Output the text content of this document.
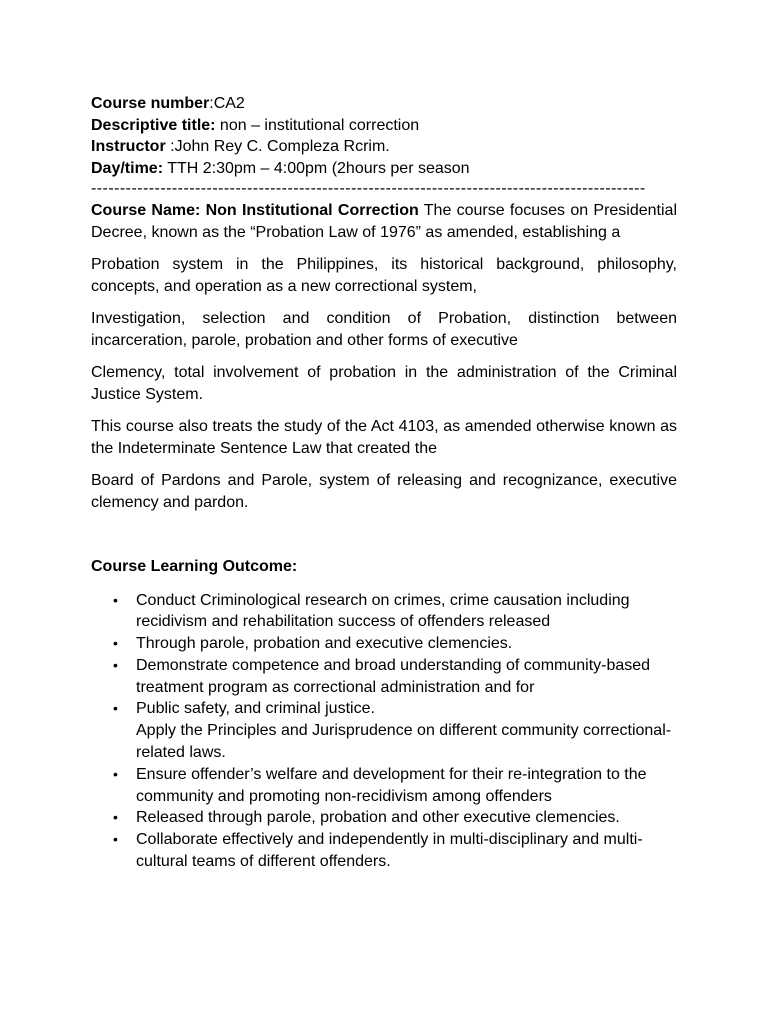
Course number:CA2

Descriptive title: non – institutional correction

Instructor :John Rey C. Compleza Rcrim.

Day/time: TTH 2:30pm – 4:00pm (2hours per season

------------------------------------------------------------------------------------------------

Course Name: Non Institutional Correction The course focuses on Presidential Decree, known as the “Probation Law of 1976” as amended, establishing a

Probation system in the Philippines, its historical background, philosophy, concepts, and operation as a new correctional system,

Investigation, selection and condition of Probation, distinction between incarceration, parole, probation and other forms of executive

Clemency, total involvement of probation in the administration of the Criminal Justice System.

This course also treats the study of the Act 4103, as amended otherwise known as the Indeterminate Sentence Law that created the

Board of Pardons and Parole, system of releasing and recognizance, executive clemency and pardon.

Course Learning Outcome:

• Conduct Criminological research on crimes, crime causation including recidivism and rehabilitation success of offenders released
• Through parole, probation and executive clemencies.
• Demonstrate competence and broad understanding of community-based treatment program as correctional administration and for
• Public safety, and criminal justice.
Apply the Principles and Jurisprudence on different community correctional-related laws.
• Ensure offender’s welfare and development for their re-integration to the community and promoting non-recidivism among offenders
• Released through parole, probation and other executive clemencies.
• Collaborate effectively and independently in multi-disciplinary and multi-cultural teams of different offenders.
